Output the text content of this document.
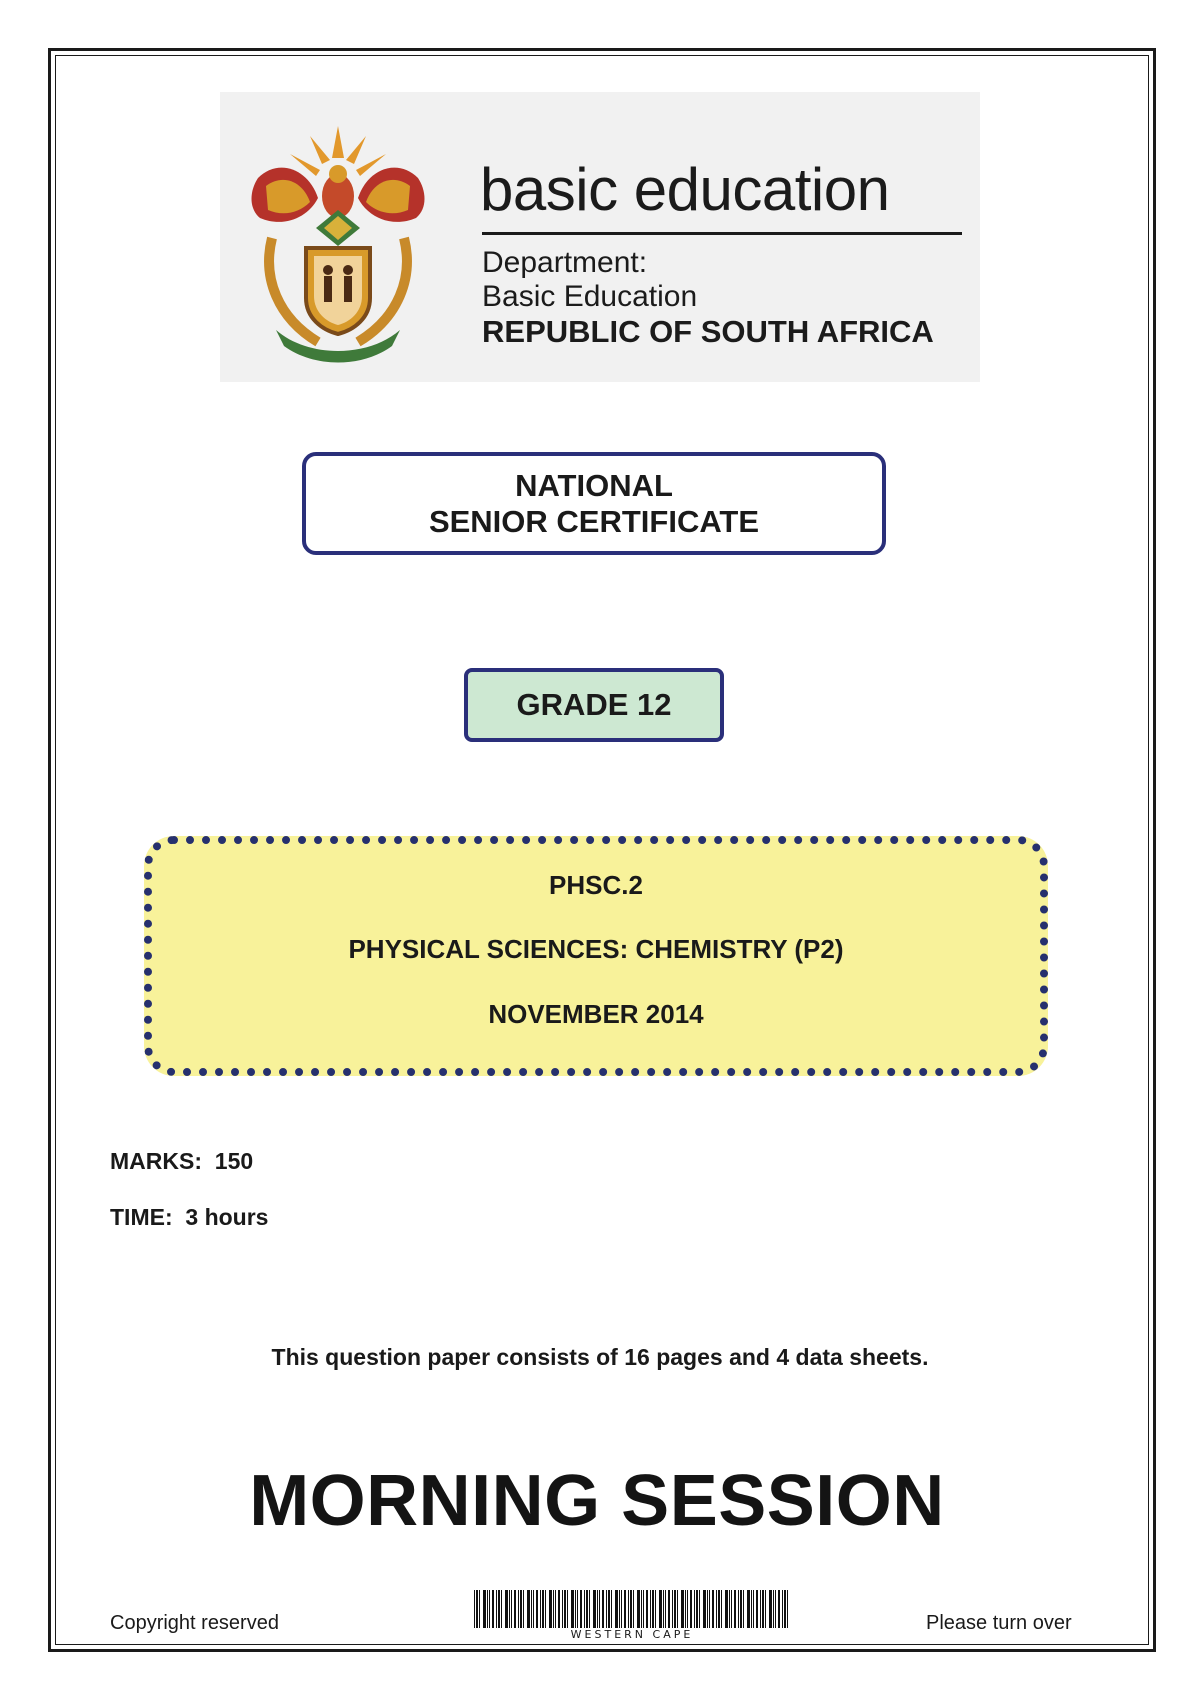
basic education
Department:
Basic Education
REPUBLIC OF SOUTH AFRICA
NATIONAL
SENIOR CERTIFICATE
GRADE 12
PHSC.2
PHYSICAL SCIENCES: CHEMISTRY (P2)
NOVEMBER 2014
MARKS: 150
TIME: 3 hours
This question paper consists of 16 pages and 4 data sheets.
MORNING SESSION
Copyright reserved
WESTERN CAPE
Please turn over
